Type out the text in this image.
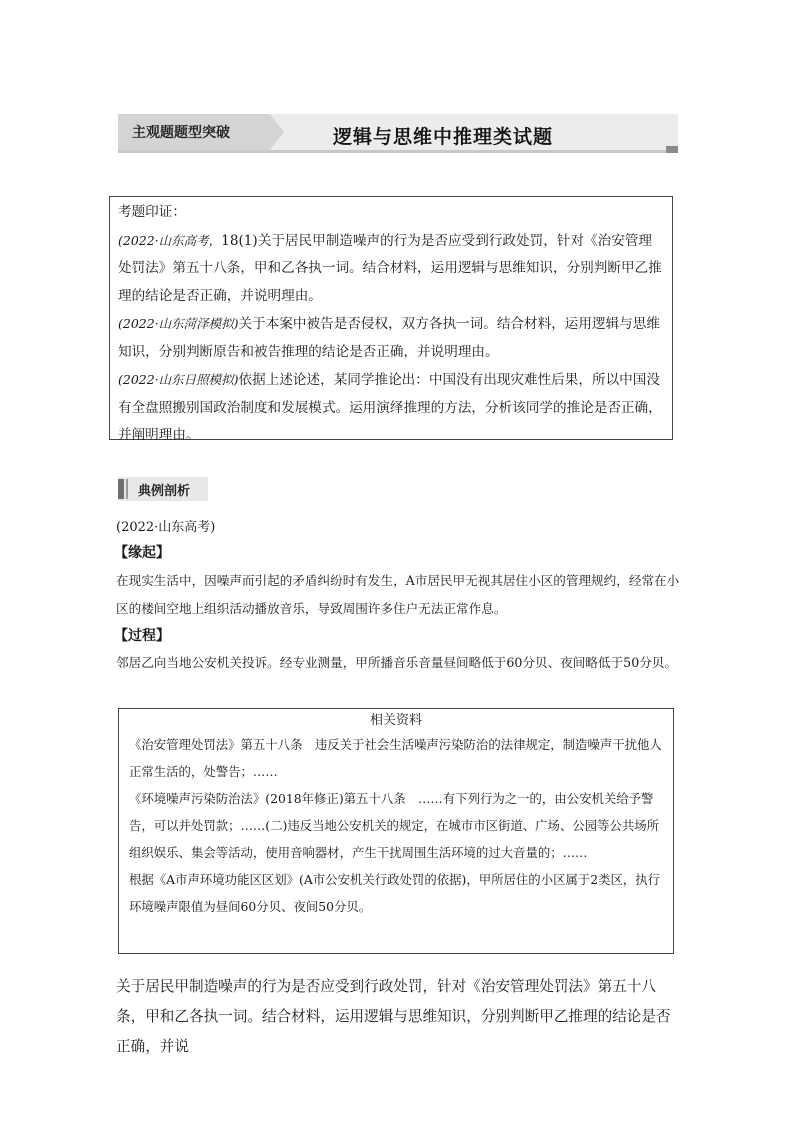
主观题题型突破	逻辑与思维中推理类试题

考题印证：

(2022·山东高考，18(1)关于居民甲制造噪声的行为是否应受到行政处罚，针对《治安管理处罚法》第五十八条，甲和乙各执一词。结合材料，运用逻辑与思维知识，分别判断甲乙推理的结论是否正确，并说明理由。

(2022·山东菏泽模拟)关于本案中被告是否侵权，双方各执一词。结合材料，运用逻辑与思维知识，分别判断原告和被告推理的结论是否正确，并说明理由。

(2022·山东日照模拟)依据上述论述，某同学推论出：中国没有出现灾难性后果，所以中国没有全盘照搬别国政治制度和发展模式。运用演绎推理的方法，分析该同学的推论是否正确，并阐明理由。

典例剖析
(2022·山东高考)
【缘起】

在现实生活中，因噪声而引起的矛盾纠纷时有发生，A市居民甲无视其居住小区的管理规约，经常在小区的楼间空地上组织活动播放音乐，导致周围许多住户无法正常作息。

【过程】

邻居乙向当地公安机关投诉。经专业测量，甲所播音乐音量昼间略低于60分贝、夜间略低于50分贝。

相关资料

《治安管理处罚法》第五十八条　违反关于社会生活噪声污染防治的法律规定，制造噪声干扰他人正常生活的，处警告；……

《环境噪声污染防治法》(2018年修正)第五十八条　……有下列行为之一的，由公安机关给予警告，可以并处罚款；……(二)违反当地公安机关的规定，在城市市区街道、广场、公园等公共场所组织娱乐、集会等活动，使用音响器材，产生干扰周围生活环境的过大音量的；……

根据《A市声环境功能区区划》(A市公安机关行政处罚的依据)，甲所居住的小区属于2类区，执行环境噪声限值为昼间60分贝、夜间50分贝。

关于居民甲制造噪声的行为是否应受到行政处罚，针对《治安管理处罚法》第五十八条，甲和乙各执一词。结合材料，运用逻辑与思维知识，分别判断甲乙推理的结论是否正确，并说
